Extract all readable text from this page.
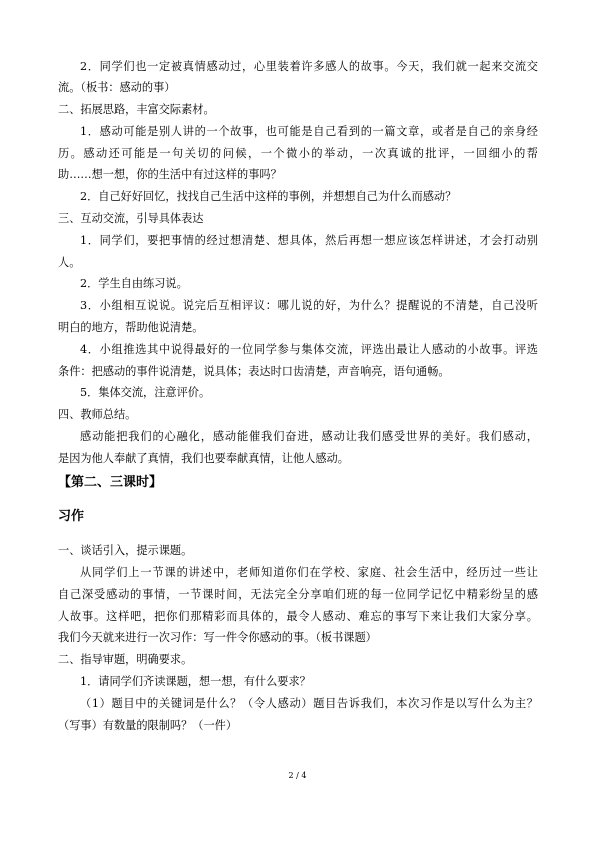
2．同学们也一定被真情感动过，心里装着许多感人的故事。今天，我们就一起来交流交
流。（板书：感动的事）
二、拓展思路，丰富交际素材。
1．感动可能是别人讲的一个故事，也可能是自己看到的一篇文章，或者是自己的亲身经
历。感动还可能是一句关切的问候，一个微小的举动，一次真诚的批评，一回细小的帮
助……想一想，你的生活中有过这样的事吗？
2．自己好好回忆，找找自己生活中这样的事例，并想想自己为什么而感动？
三、互动交流，引导具体表达
1．同学们，要把事情的经过想清楚、想具体，然后再想一想应该怎样讲述，才会打动别
人。
2．学生自由练习说。
3．小组相互说说。说完后互相评议：哪儿说的好，为什么？提醒说的不清楚，自己没听
明白的地方，帮助他说清楚。
4．小组推选其中说得最好的一位同学参与集体交流，评选出最让人感动的小故事。评选
条件：把感动的事件说清楚，说具体；表达时口齿清楚，声音响亮，语句通畅。
5．集体交流，注意评价。
四、教师总结。
感动能把我们的心融化，感动能催我们奋进，感动让我们感受世界的美好。我们感动，
是因为他人奉献了真情，我们也要奉献真情，让他人感动。
【第二、三课时】
习作
一、谈话引入，提示课题。
从同学们上一节课的讲述中，老师知道你们在学校、家庭、社会生活中，经历过一些让
自己深受感动的事情，一节课时间，无法完全分享咱们班的每一位同学记忆中精彩纷呈的感
人故事。这样吧，把你们那精彩而具体的，最令人感动、难忘的事写下来让我们大家分享。
我们今天就来进行一次习作：写一件令你感动的事。（板书课题）
二、指导审题，明确要求。
1．请同学们齐读课题，想一想，有什么要求？
（1）题目中的关键词是什么？（令人感动）题目告诉我们，本次习作是以写什么为主？
（写事）有数量的限制吗？（一件）
2 / 4
